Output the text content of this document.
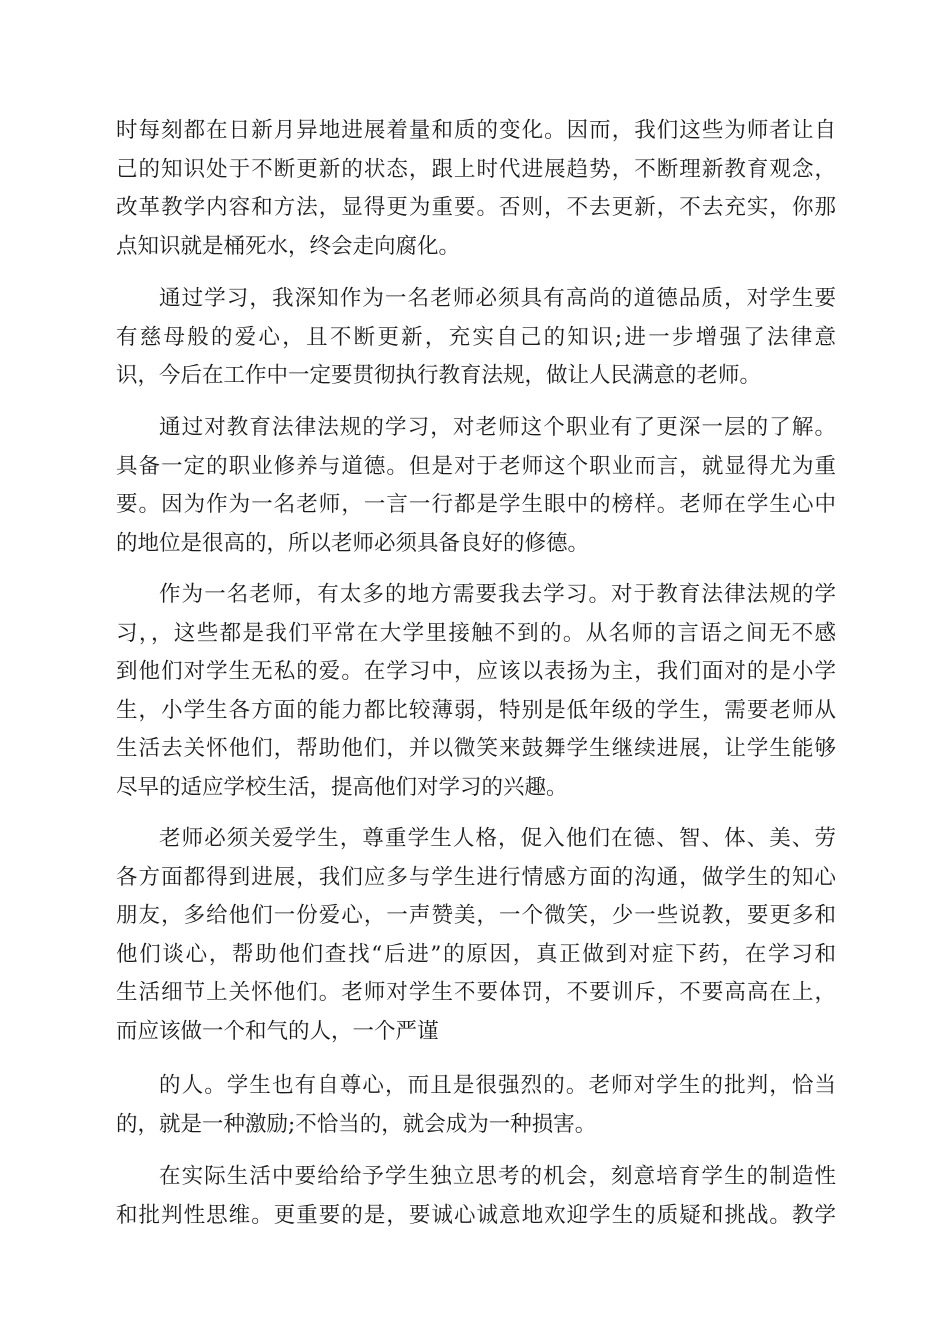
时每刻都在日新月异地进展着量和质的变化。因而，我们这些为师者让自
己的知识处于不断更新的状态，跟上时代进展趋势，不断理新教育观念，
改革教学内容和方法，显得更为重要。否则，不去更新，不去充实，你那
点知识就是桶死水，终会走向腐化。
通过学习，我深知作为一名老师必须具有高尚的道德品质，对学生要
有慈母般的爱心，且不断更新，充实自己的知识;进一步增强了法律意
识，今后在工作中一定要贯彻执行教育法规，做让人民满意的老师。
通过对教育法律法规的学习，对老师这个职业有了更深一层的了解。
具备一定的职业修养与道德。但是对于老师这个职业而言，就显得尤为重
要。因为作为一名老师，一言一行都是学生眼中的榜样。老师在学生心中
的地位是很高的，所以老师必须具备良好的修德。
作为一名老师，有太多的地方需要我去学习。对于教育法律法规的学
习，，这些都是我们平常在大学里接触不到的。从名师的言语之间无不感
到他们对学生无私的爱。在学习中，应该以表扬为主，我们面对的是小学
生，小学生各方面的能力都比较薄弱，特别是低年级的学生，需要老师从
生活去关怀他们，帮助他们，并以微笑来鼓舞学生继续进展，让学生能够
尽早的适应学校生活，提高他们对学习的兴趣。
老师必须关爱学生，尊重学生人格，促入他们在德、智、体、美、劳
各方面都得到进展，我们应多与学生进行情感方面的沟通，做学生的知心
朋友，多给他们一份爱心，一声赞美，一个微笑，少一些说教，要更多和
他们谈心，帮助他们查找“后进”的原因，真正做到对症下药，在学习和
生活细节上关怀他们。老师对学生不要体罚，不要训斥，不要高高在上，
而应该做一个和气的人，一个严谨
的人。学生也有自尊心，而且是很强烈的。老师对学生的批判，恰当
的，就是一种激励;不恰当的，就会成为一种损害。
在实际生活中要给给予学生独立思考的机会，刻意培育学生的制造性
和批判性思维。更重要的是，要诚心诚意地欢迎学生的质疑和挑战。教学
